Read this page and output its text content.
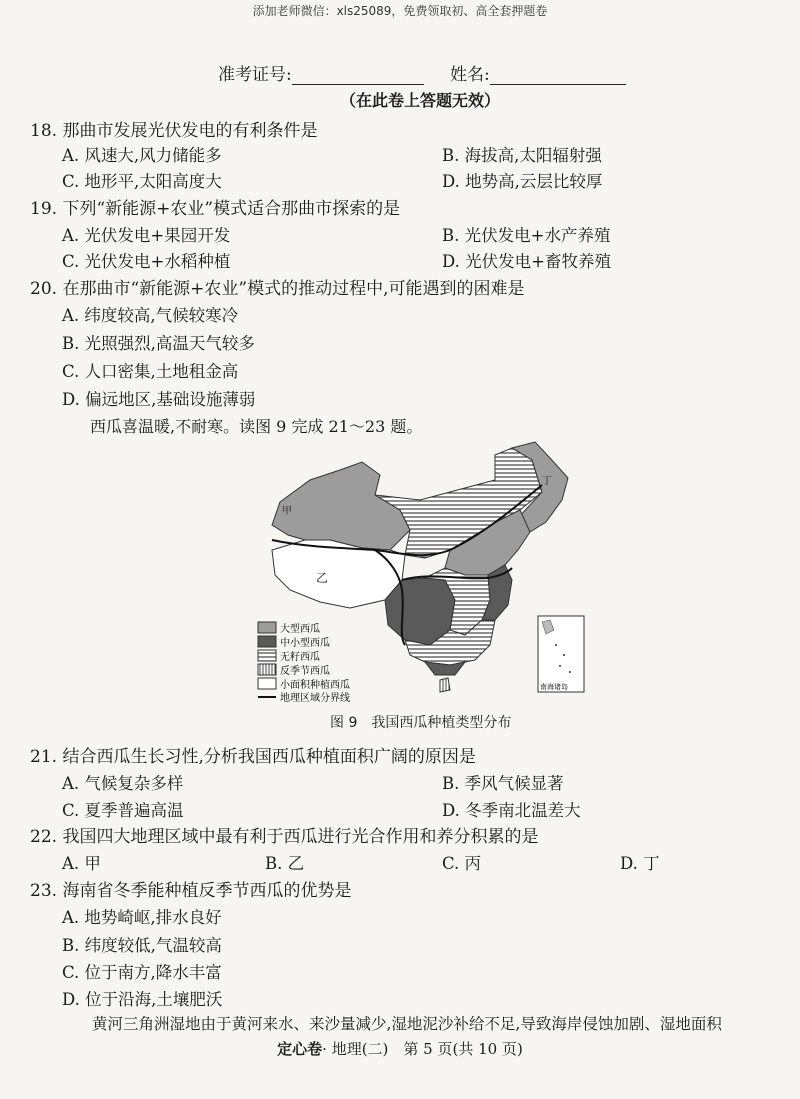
添加老师微信：xls25089，免费领取初、高全套押题卷
准考证号:	姓名:
（在此卷上答题无效）
18. 那曲市发展光伏发电的有利条件是
A. 风速大,风力储能多	B. 海拔高,太阳辐射强
C. 地形平,太阳高度大	D. 地势高,云层比较厚
19. 下列“新能源+农业”模式适合那曲市探索的是
A. 光伏发电+果园开发	B. 光伏发电+水产养殖
C. 光伏发电+水稻种植	D. 光伏发电+畜牧养殖
20. 在那曲市“新能源+农业”模式的推动过程中,可能遇到的困难是
A. 纬度较高,气候较寒冷
B. 光照强烈,高温天气较多
C. 人口密集,土地租金高
D. 偏远地区,基础设施薄弱
西瓜喜温暖,不耐寒。读图 9 完成 21～23 题。
甲
乙
丁
大型西瓜
中小型西瓜
无籽西瓜
反季节西瓜
小面积种植西瓜
地理区域分界线
南海诸岛
图 9　我国西瓜种植类型分布
21. 结合西瓜生长习性,分析我国西瓜种植面积广阔的原因是
A. 气候复杂多样	B. 季风气候显著
C. 夏季普遍高温	D. 冬季南北温差大
22. 我国四大地理区域中最有利于西瓜进行光合作用和养分积累的是
A. 甲	B. 乙	C. 丙	D. 丁
23. 海南省冬季能种植反季节西瓜的优势是
A. 地势崎岖,排水良好
B. 纬度较低,气温较高
C. 位于南方,降水丰富
D. 位于沿海,土壤肥沃
黄河三角洲湿地由于黄河来水、来沙量减少,湿地泥沙补给不足,导致海岸侵蚀加剧、湿地面积
定心卷· 地理(二)　第 5 页(共 10 页)
